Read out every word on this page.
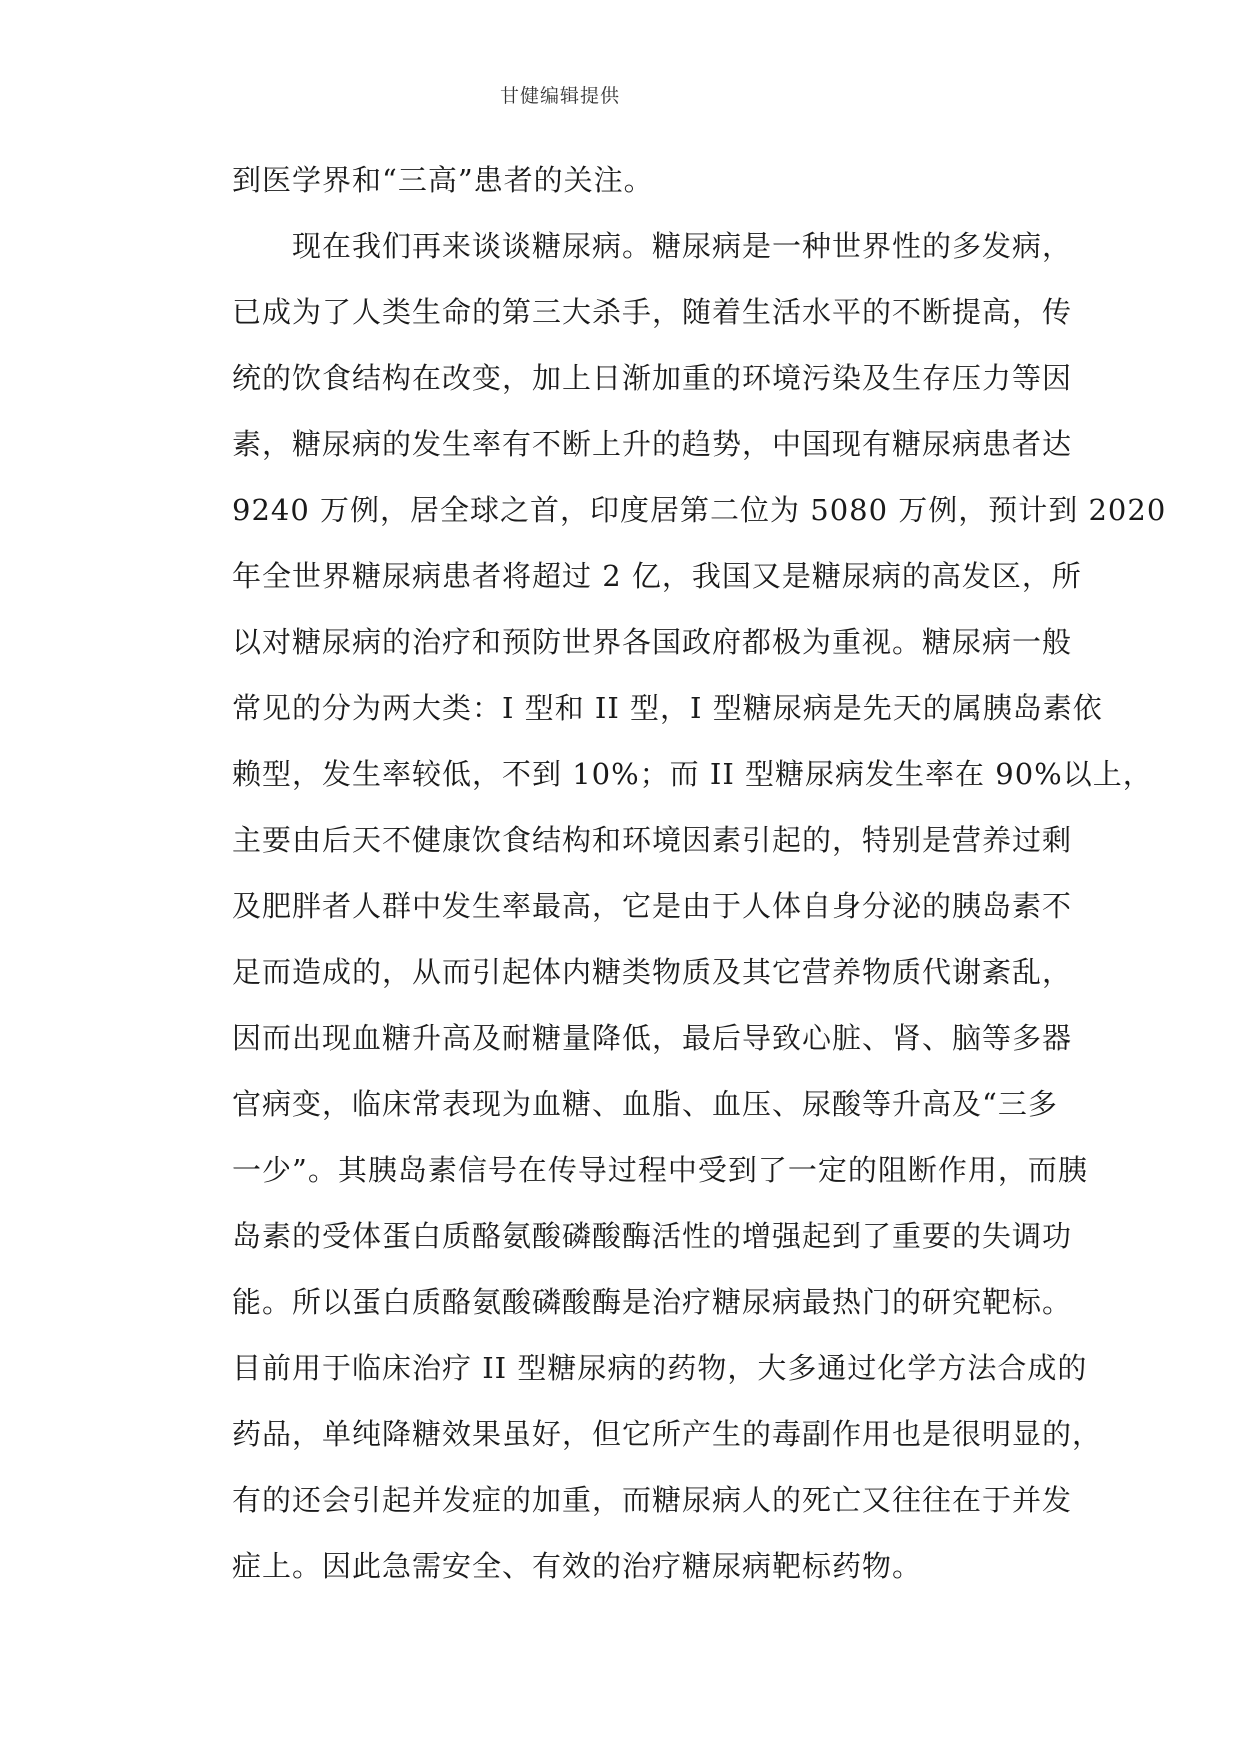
甘健编辑提供
到医学界和“三高”患者的关注。
现在我们再来谈谈糖尿病。糖尿病是一种世界性的多发病，
已成为了人类生命的第三大杀手，随着生活水平的不断提高，传
统的饮食结构在改变，加上日渐加重的环境污染及生存压力等因
素，糖尿病的发生率有不断上升的趋势，中国现有糖尿病患者达
9240 万例，居全球之首，印度居第二位为 5080 万例，预计到 2020
年全世界糖尿病患者将超过 2 亿，我国又是糖尿病的高发区，所
以对糖尿病的治疗和预防世界各国政府都极为重视。糖尿病一般
常见的分为两大类：I 型和 II 型，I 型糖尿病是先天的属胰岛素依
赖型，发生率较低，不到 10%；而 II 型糖尿病发生率在 90%以上，
主要由后天不健康饮食结构和环境因素引起的，特别是营养过剩
及肥胖者人群中发生率最高，它是由于人体自身分泌的胰岛素不
足而造成的，从而引起体内糖类物质及其它营养物质代谢紊乱，
因而出现血糖升高及耐糖量降低，最后导致心脏、肾、脑等多器
官病变，临床常表现为血糖、血脂、血压、尿酸等升高及“三多
一少”。其胰岛素信号在传导过程中受到了一定的阻断作用，而胰
岛素的受体蛋白质酪氨酸磷酸酶活性的增强起到了重要的失调功
能。所以蛋白质酪氨酸磷酸酶是治疗糖尿病最热门的研究靶标。
目前用于临床治疗 II 型糖尿病的药物，大多通过化学方法合成的
药品，单纯降糖效果虽好，但它所产生的毒副作用也是很明显的，
有的还会引起并发症的加重，而糖尿病人的死亡又往往在于并发
症上。因此急需安全、有效的治疗糖尿病靶标药物。
